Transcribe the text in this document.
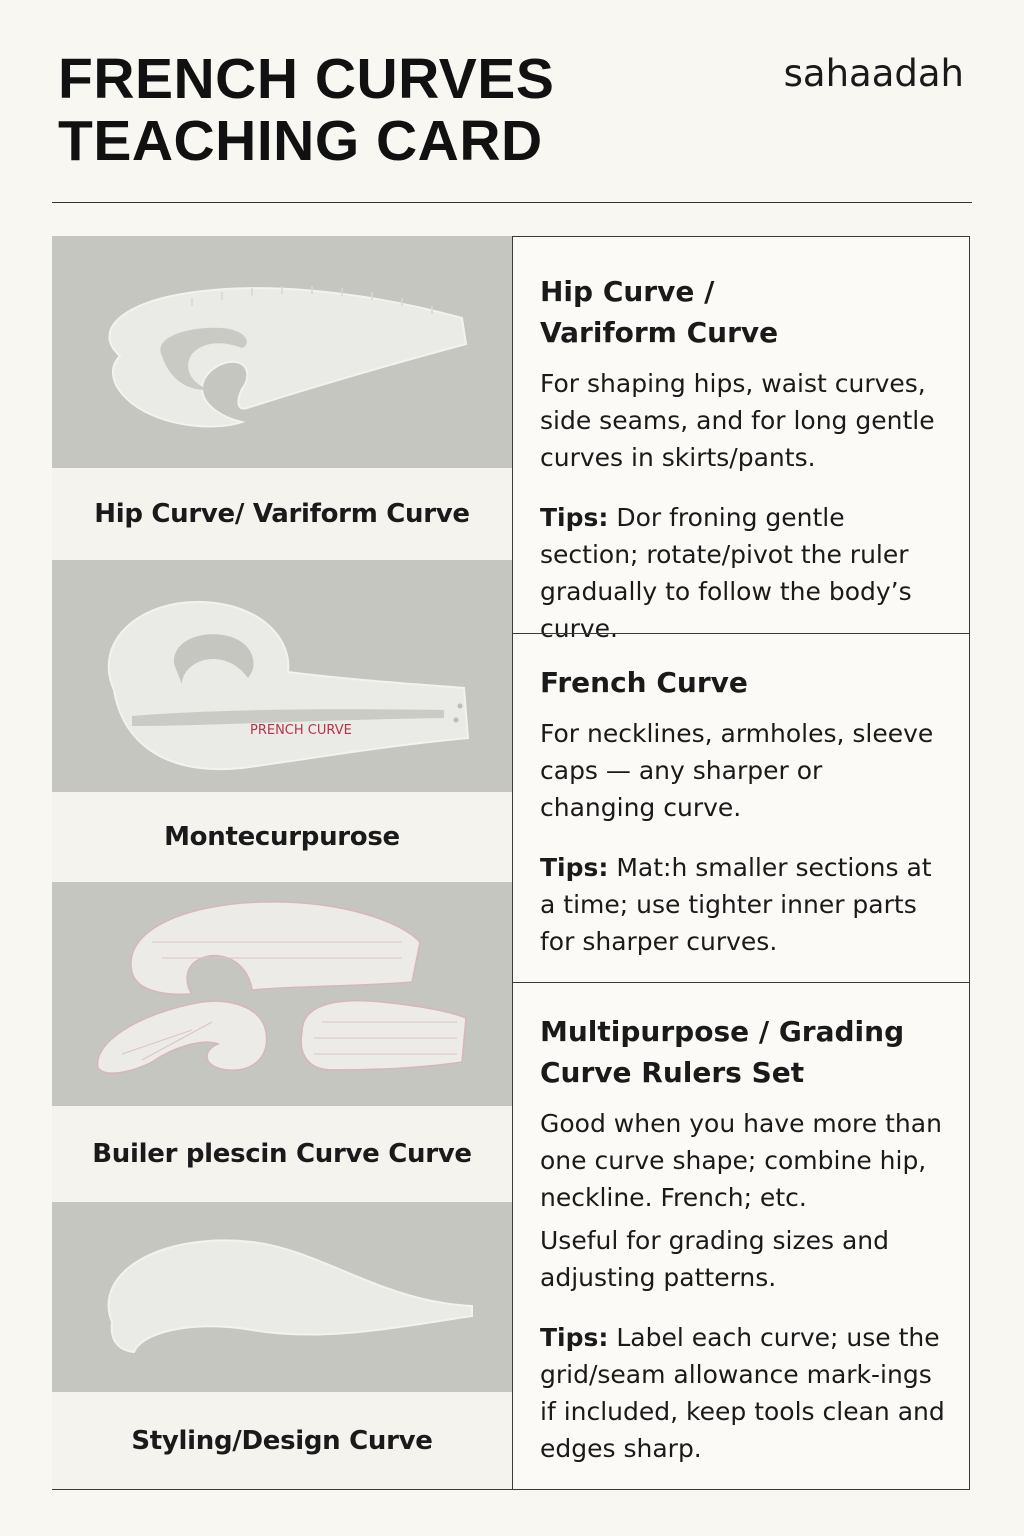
FRENCH CURVES
TEACHING CARD
sahaadah
Hip Curve/ Variform Curve
PRENCH CURVE
Montecurpurose
Builer plescin Curve Curve
Styling/Design Curve
Hip Curve /
Variform Curve

For shaping hips, waist curves, side seams, and for long gentle curves in skirts/pants.

Tips: Dor froning gentle section; rotate/pivot the ruler gradually to follow the body’s curve.

French Curve

For necklines, armholes, sleeve caps — any sharper or changing curve.

Tips: Mat:h smaller sections at a time; use tighter inner parts for sharper curves.

Multipurpose / Grading
Curve Rulers Set

Good when you have more than one curve shape; combine hip, neckline. French; etc.

Useful for grading sizes and adjusting patterns.

Tips: Label each curve; use the grid/seam allowance mark-ings if included, keep tools clean and edges sharp.
